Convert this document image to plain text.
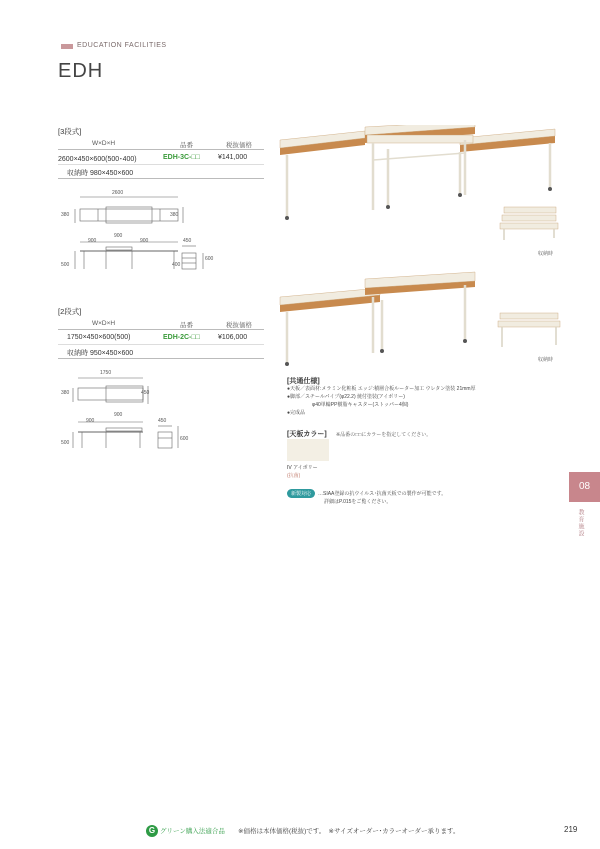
EDUCATION FACILITIES
EDH
[3段式]
W×D×H	品番	税抜価格
2600×450×600(500･400)	EDH-3C-□□	¥141,000
収納時 980×450×600
2600
380	380
900
900
900	450
500	400
600
[2段式]
W×D×H	品番	税抜価格
1750×450×600(500)	EDH-2C-□□	¥106,000
収納時 950×450×600
1750
380	450
900
900
450
500
600
収納時
収納時
[共通仕様]
●天板／表面材:メラミン化粧板 エッジ:積層合板ルーター加工 ウレタン塗装 21mm厚
●脚部／スチールパイプ(φ22.2) 焼付塗装(アイボリー)
φ40単輪PP樹脂キャスター(ストッパー4個)
●完成品
[天板カラー] ※品番の□□にカラーを指定してください。
IV アイボリー
(抗菌)
新製対応	…SIAA登録の抗ウイルス･抗菌天板での製作が可能です。
詳細はP.015をご覧ください。
08
教育施設
G グリーン購入法適合品 ※価格は本体価格(税抜)です。　※サイズオーダー･カラーオーダー承ります。	219
